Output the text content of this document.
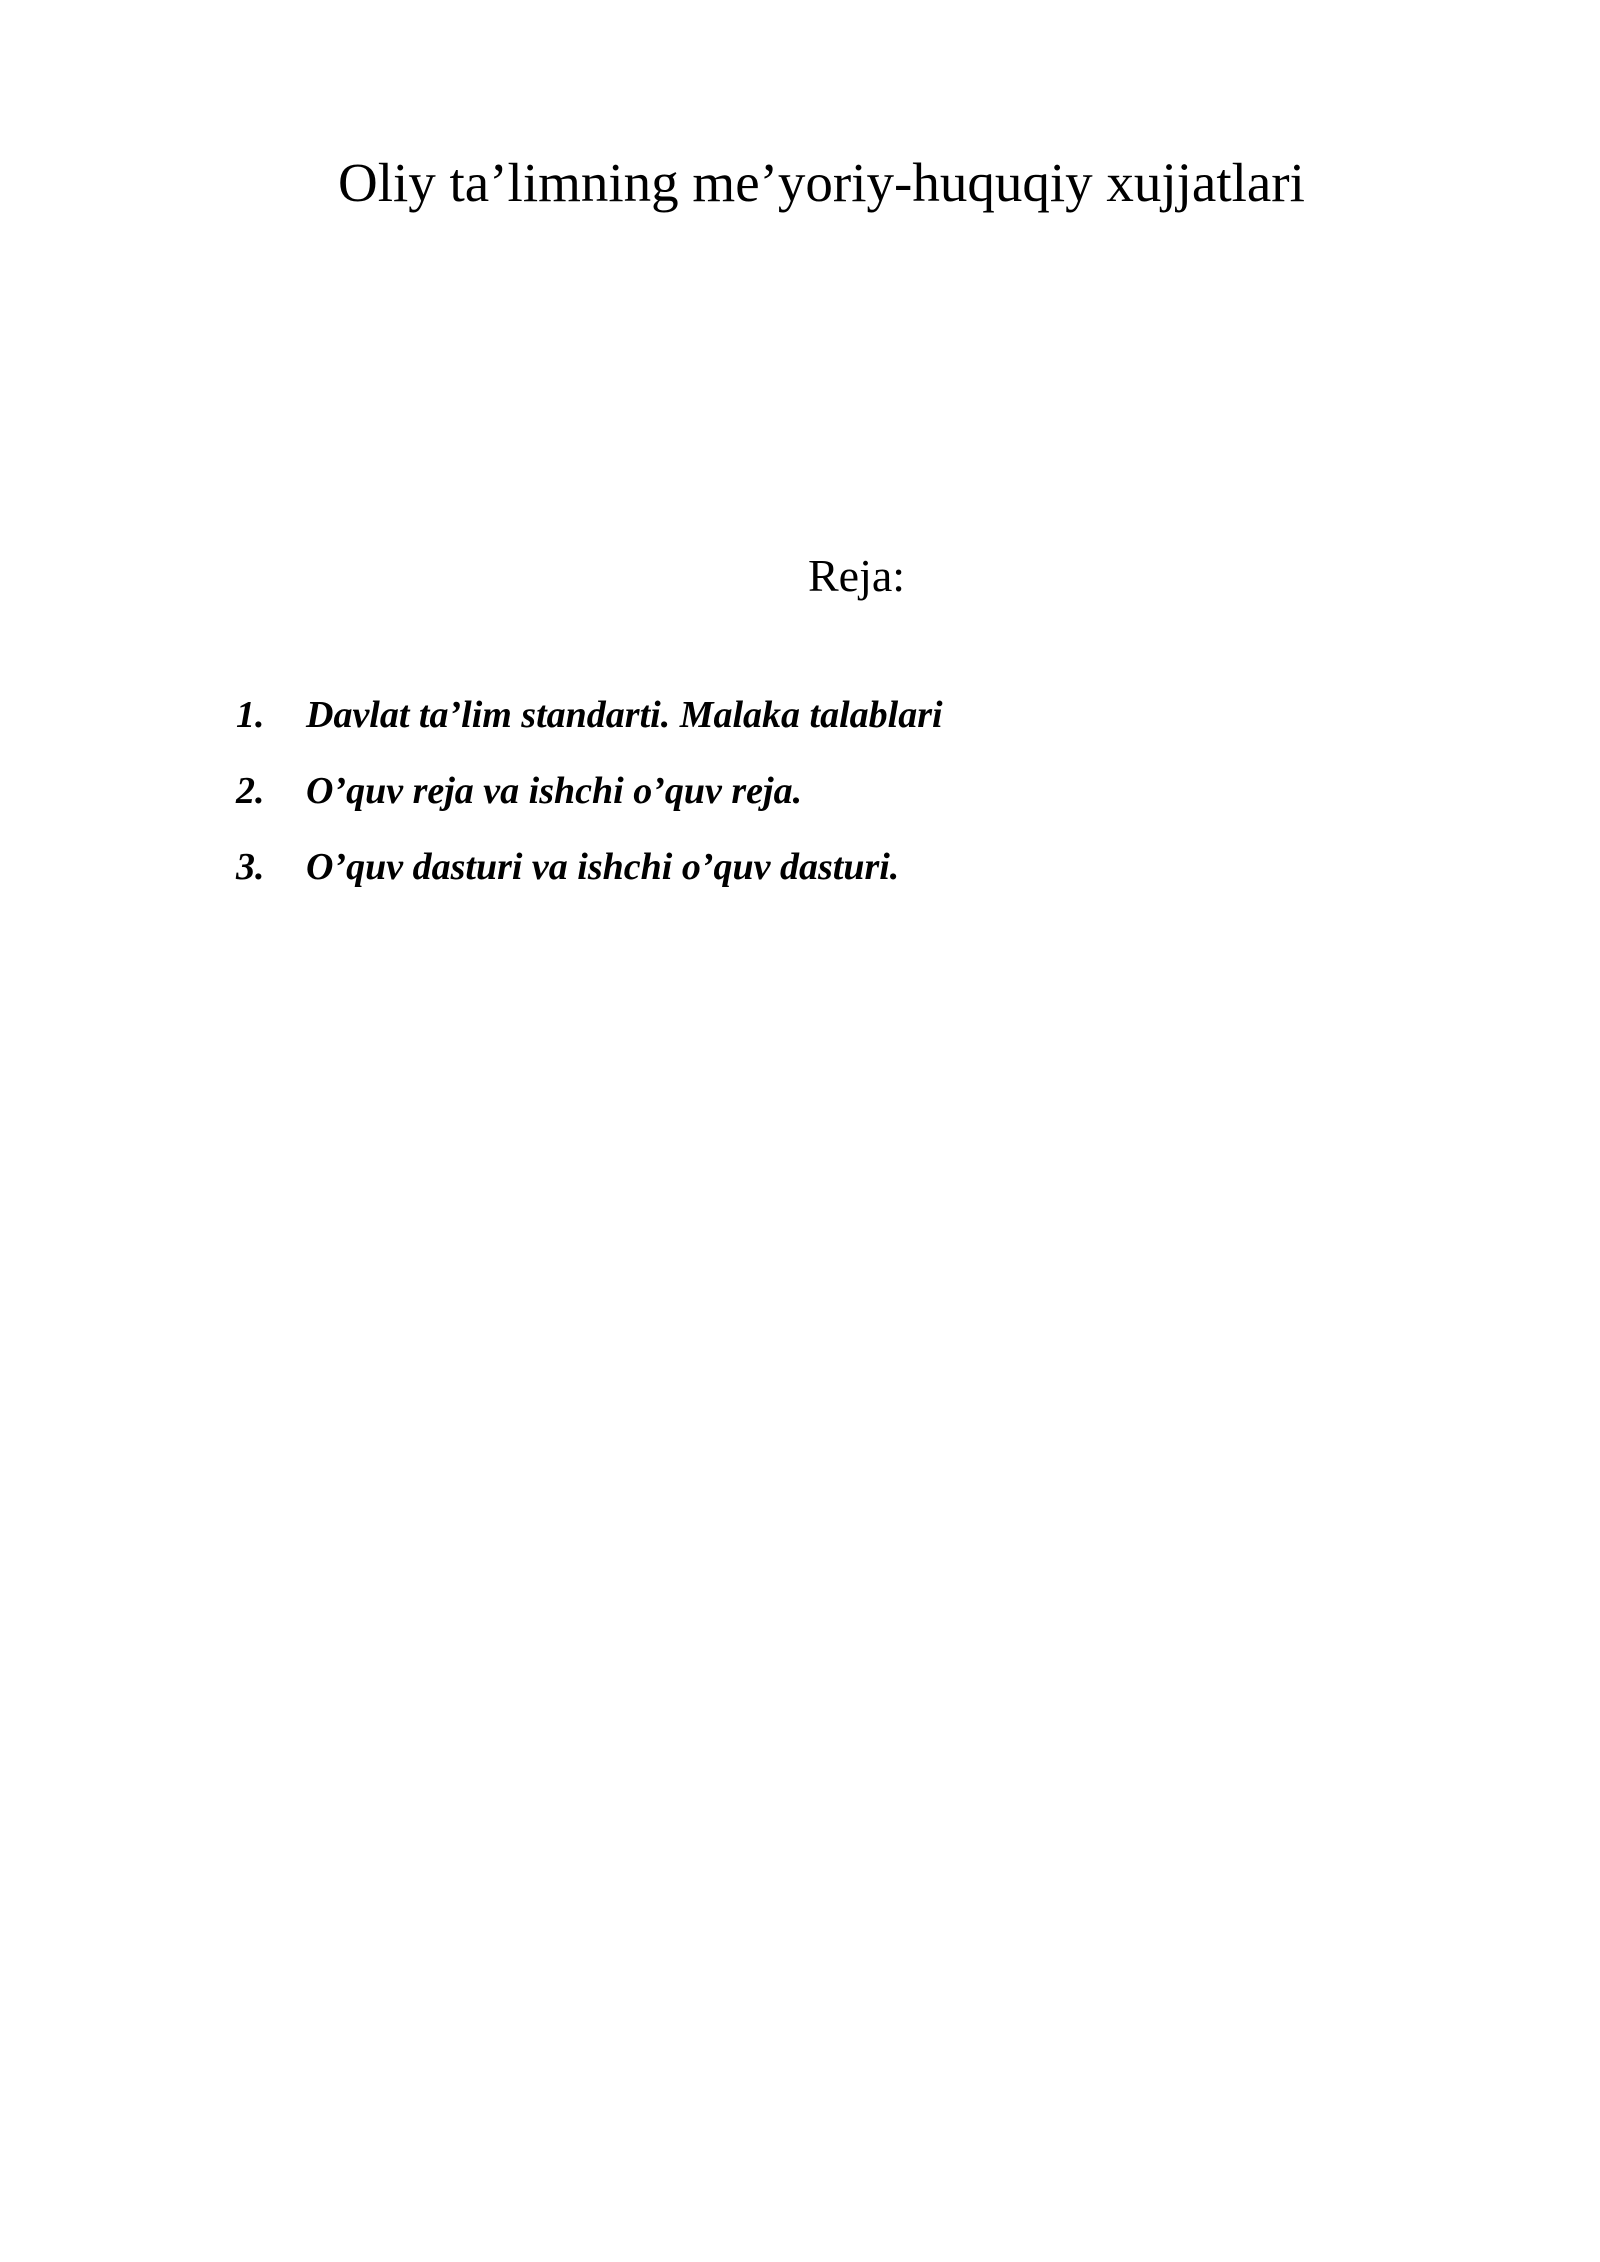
Oliy ta’limning me’yoriy-huquqiy xujjatlari
Reja:
1.	Davlat ta’lim standarti. Malaka talablari
2.	O’quv reja va ishchi o’quv reja.
3.	O’quv dasturi va ishchi o’quv dasturi.
